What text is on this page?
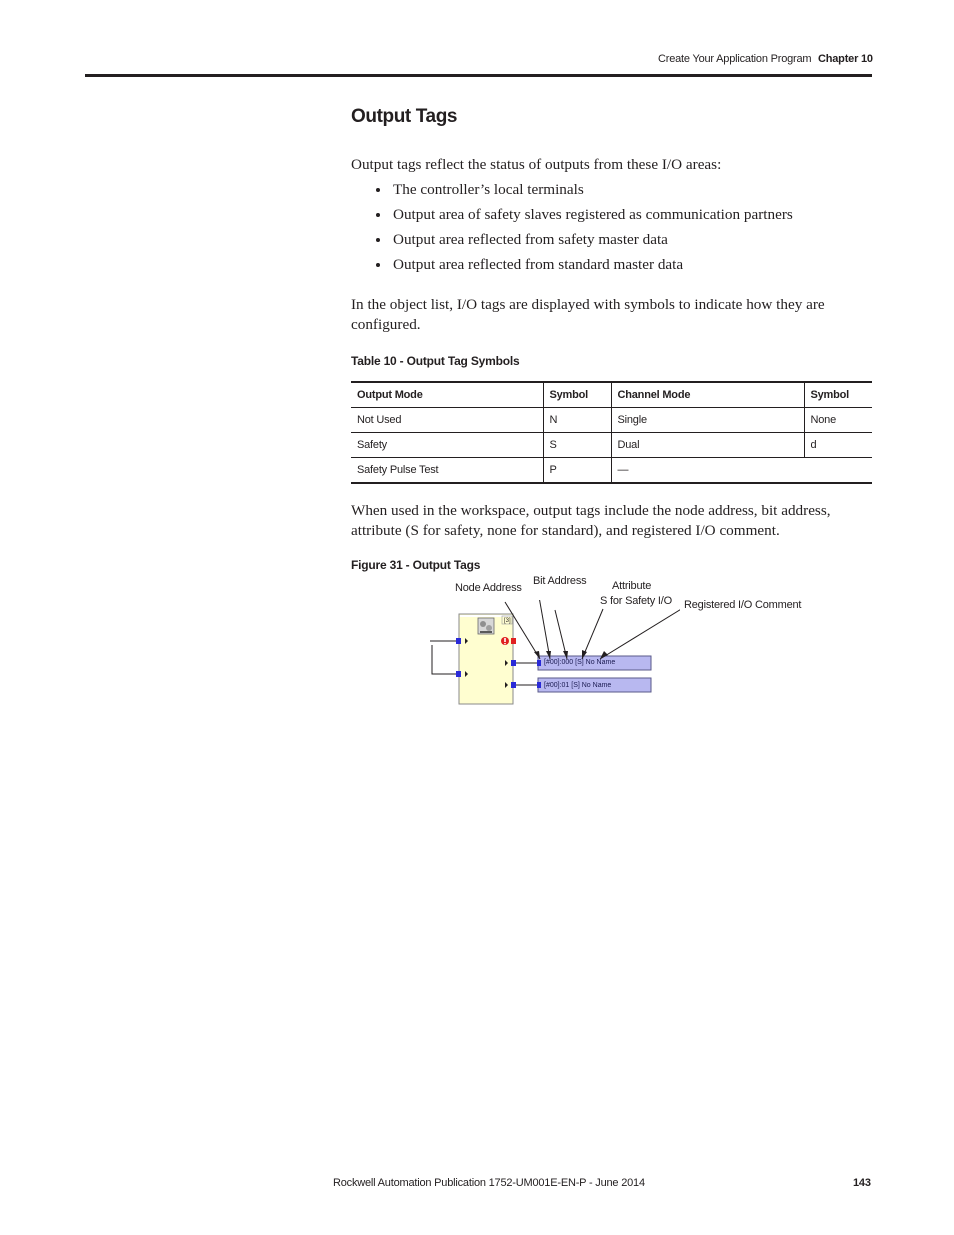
Create Your Application Program Chapter 10
Output Tags

Output tags reflect the status of outputs from these I/O areas:

The controller’s local terminals
Output area of safety slaves registered as communication partners
Output area reflected from safety master data
Output area reflected from standard master data

In the object list, I/O tags are displayed with symbols to indicate how they are configured.

Table 10 - Output Tag Symbols

Output Mode	Symbol	Channel Mode	Symbol
Not Used	N	Single	None
Safety	S	Dual	d
Safety Pulse Test	P	—	

When used in the workspace, output tags include the node address, bit address, attribute (S for safety, none for standard), and registered I/O comment.

Figure 31 - Output Tags

Node Address
Bit Address Attribute
S for Safety I/O Registered I/O Comment
[3]
[#00]:000 [S] No Name
[#00]:01 [S] No Name
Rockwell Automation Publication 1752-UM001E-EN-P - June 2014	143
